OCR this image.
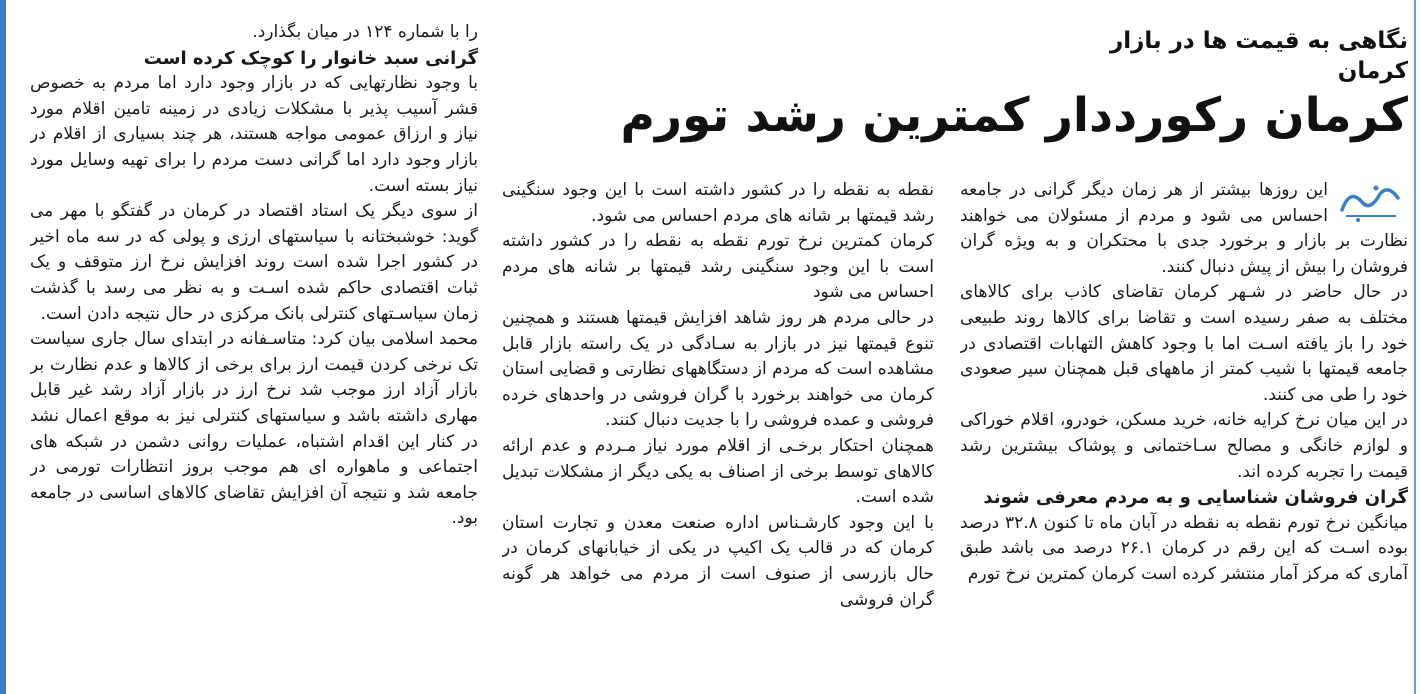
نگاهی به قیمت ها در بازار کرمان
کرمان رکورددار کمترین رشد تورم

این روزها بیشتر از هر زمان دیگر گرانی در جامعه احساس می شود و مردم از مسئولان می خواهند نظارت بر بازار و برخورد جدی با محتکران و به ویژه گران فروشان را بیش از پیش دنبال کنند.

در حال حاضر در شـهر کرمان تقاضای کاذب برای کالاهای مختلف به صفر رسیده است و تقاضا برای کالاها روند طبیعی خود را باز یافته اسـت اما با وجود کاهش التهابات اقتصادی در جامعه قیمتها با شیب کمتر از ماههای قبل همچنان سیر صعودی خود را طی می کنند.

در این میان نرخ کرایه خانه، خرید مسکن، خودرو، اقلام خوراکی و لوازم خانگی و مصالح سـاختمانی و پوشاک بیشترین رشد قیمت را تجربه کرده اند.

گران فروشان شناسایی و به مردم معرفی شوند

میانگین نرخ تورم نقطه به نقطه در آبان ماه تا کنون ۳۲.۸ درصد بوده اسـت که این رقم در کرمان ۲۶.۱ درصد می باشد طبق آماری که مرکز آمار منتشر کرده است کرمان کمترین نرخ تورم

نقطه به نقطه را در کشور داشته است با این وجود سنگینی رشد قیمتها بر شانه های مردم احساس می شود.

کرمان کمترین نرخ تورم نقطه به نقطه را در کشور داشته است با این وجود سنگینی رشد قیمتها بر شانه های مردم احساس می شود

در حالی مردم هر روز شاهد افزایش قیمتها هستند و همچنین تنوع قیمتها نیز در بازار به سـادگی در یک راسته بازار قابل مشاهده است که مردم از دستگاههای نظارتی و قضایی استان کرمان می خواهند برخورد با گران فروشی در واحدهای خرده فروشی و عمده فروشی را با جدیت دنبال کنند.

همچنان احتکار برخـی از اقلام مورد نیاز مـردم و عدم ارائه کالاهای توسط برخی از اصناف به یکی دیگر از مشکلات تبدیل شده است.

با این وجود کارشـناس اداره صنعت معدن و تجارت استان کرمان که در قالب یک اکیپ در یکی از خیابانهای کرمان در حال بازرسی از صنوف است از مردم می خواهد هر گونه گران فروشی

را با شماره ۱۲۴ در میان بگذارد.

گرانی سبد خانوار را کوچک کرده است

با وجود نظارتهایی که در بازار وجود دارد اما مردم به خصوص قشر آسیب پذیر با مشکلات زیادی در زمینه تامین اقلام مورد نیاز و ارزاق عمومی مواجه هستند، هر چند بسیاری از اقلام در بازار وجود دارد اما گرانی دست مردم را برای تهیه وسایل مورد نیاز بسته است.

از سوی دیگر یک استاد اقتصاد در کرمان در گفتگو با مهر می گوید: خوشبختانه با سیاستهای ارزی و پولی که در سه ماه اخیر در کشور اجرا شده است روند افزایش نرخ ارز متوقف و یک ثبات اقتصادی حاکم شده اسـت و به نظر می رسد با گذشت زمان سیاسـتهای کنترلی بانک مرکزی در حال نتیجه دادن است.

محمد اسلامی بیان کرد: متاسـفانه در ابتدای سال جاری سیاست تک نرخی کردن قیمت ارز برای برخی از کالاها و عدم نظارت بر بازار آزاد ارز موجب شد نرخ ارز در بازار آزاد رشد غیر قابل مهاری داشته باشد و سیاستهای کنترلی نیز به موقع اعمال نشد در کنار این اقدام اشتباه، عملیات روانی دشمن در شبکه های اجتماعی و ماهواره ای هم موجب بروز انتظارات تورمی در جامعه شد و نتیجه آن افزایش تقاضای کالاهای اساسی در جامعه بود.
